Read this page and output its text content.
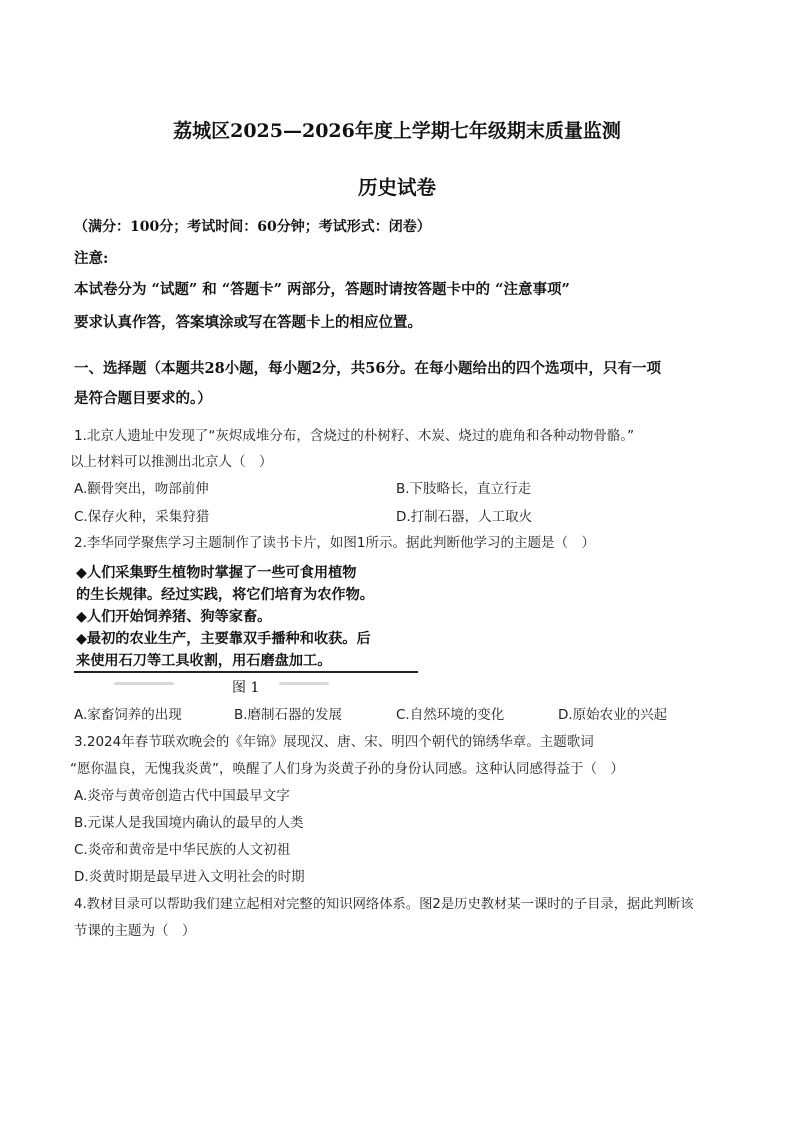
荔城区2025—2026年度上学期七年级期末质量监测
历史试卷
（满分：100分；考试时间：60分钟；考试形式：闭卷）
注意:
本试卷分为 “试题” 和 “答题卡” 两部分，答题时请按答题卡中的 “注意事项”
要求认真作答，答案填涂或写在答题卡上的相应位置。
一、选择题（本题共28小题，每小题2分，共56分。在每小题给出的四个选项中，只有一项
是符合题目要求的。）
1.北京人遗址中发现了“灰烬成堆分布，含烧过的朴树籽、木炭、烧过的鹿角和各种动物骨骼。”
以上材料可以推测出北京人（　）
A.颧骨突出，吻部前伸	B.下肢略长，直立行走
C.保存火种，采集狩猎	D.打制石器，人工取火
2.李华同学聚焦学习主题制作了读书卡片，如图1所示。据此判断他学习的主题是（　）
◆人们采集野生植物时掌握了一些可食用植物
的生长规律。经过实践，将它们培育为农作物。
◆人们开始饲养猪、狗等家畜。
◆最初的农业生产，主要靠双手播种和收获。后
来使用石刀等工具收割，用石磨盘加工。
图 1
A.家畜饲养的出现	B.磨制石器的发展	C.自然环境的变化	D.原始农业的兴起
3.2024年春节联欢晚会的《年锦》展现汉、唐、宋、明四个朝代的锦绣华章。主题歌词
“愿你温良，无愧我炎黄”，唤醒了人们身为炎黄子孙的身份认同感。这种认同感得益于（　）
A.炎帝与黄帝创造古代中国最早文字
B.元谋人是我国境内确认的最早的人类
C.炎帝和黄帝是中华民族的人文初祖
D.炎黄时期是最早进入文明社会的时期
4.教材目录可以帮助我们建立起相对完整的知识网络体系。图2是历史教材某一课时的子目录，据此判断该
节课的主题为（　）
